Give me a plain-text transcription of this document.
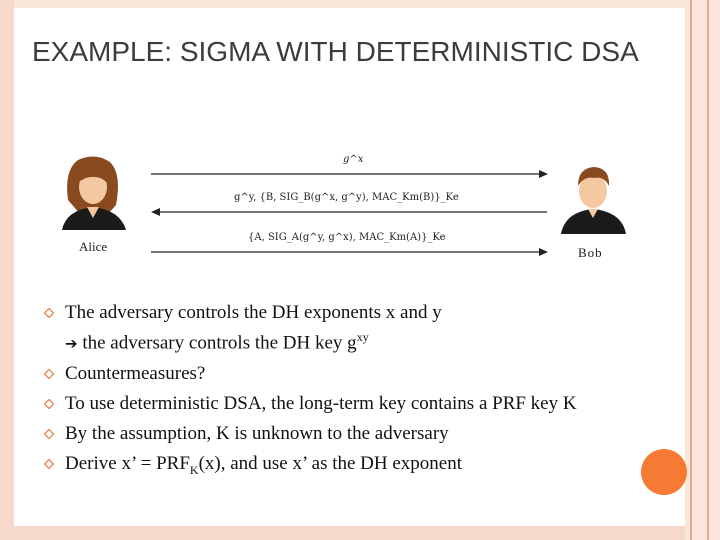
EXAMPLE: SIGMA WITH DETERMINISTIC DSA
Alice	Bob
g^x
g^y, {B, SIG_B(g^x, g^y), MAC_Km(B)}_Ke
{A, SIG_A(g^y, g^x), MAC_Km(A)}_Ke
The adversary controls the DH exponents x and y
➔ the adversary controls the DH key $g^{xy}$
Countermeasures?
To use deterministic DSA, the long-term key contains a PRF key K
By the assumption, K is unknown to the adversary
Derive x’ = $PRF_K(x)$, and use x’ as the DH exponent
